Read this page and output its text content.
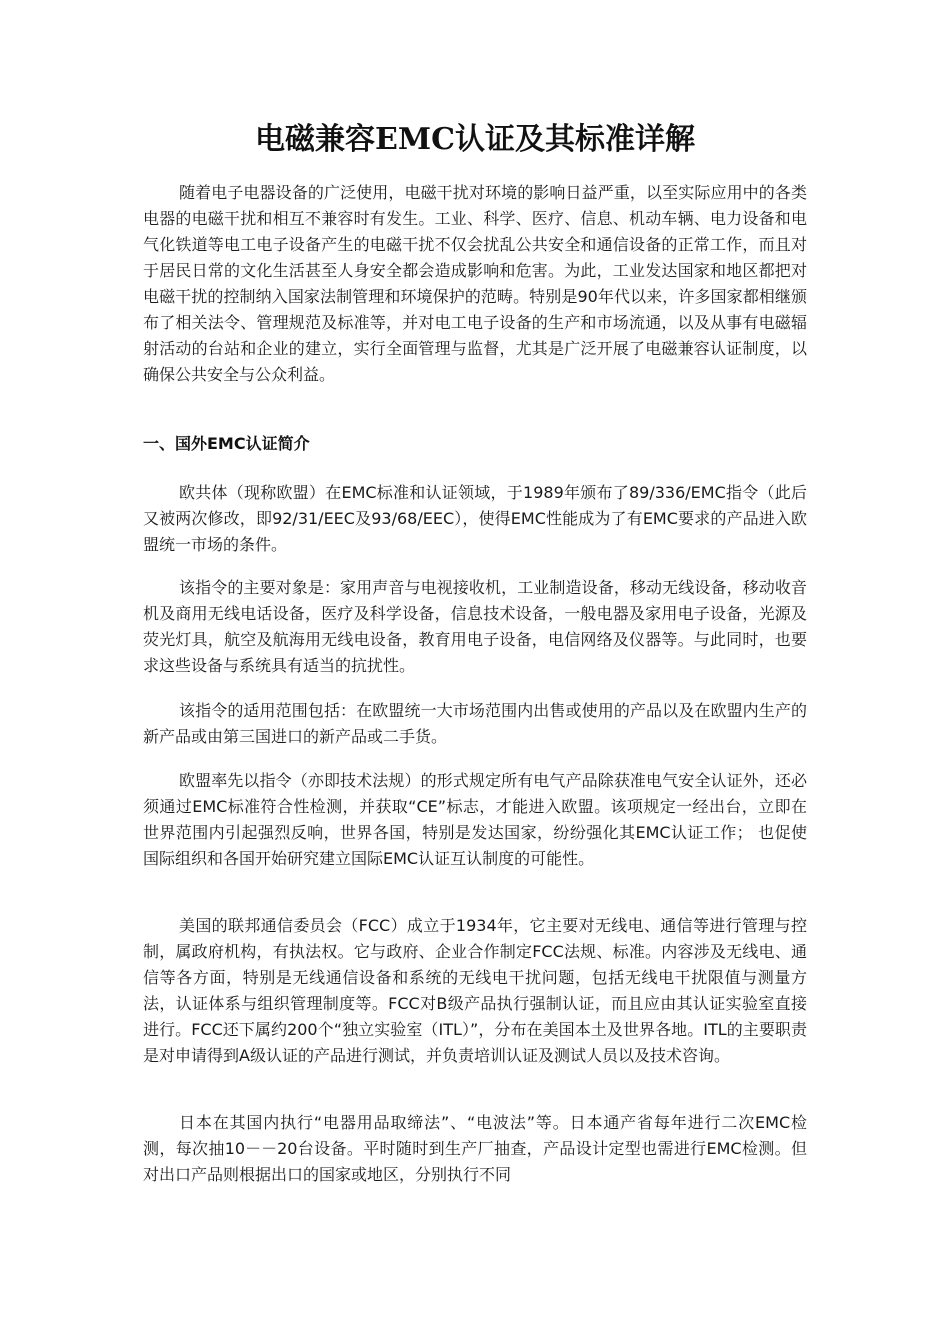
电磁兼容EMC认证及其标准详解

随着电子电器设备的广泛使用，电磁干扰对环境的影响日益严重，以至实际应用中的各类电器的电磁干扰和相互不兼容时有发生。工业、科学、医疗、信息、机动车辆、电力设备和电气化铁道等电工电子设备产生的电磁干扰不仅会扰乱公共安全和通信设备的正常工作，而且对于居民日常的文化生活甚至人身安全都会造成影响和危害。为此，工业发达国家和地区都把对电磁干扰的控制纳入国家法制管理和环境保护的范畴。特别是90年代以来，许多国家都相继颁布了相关法令、管理规范及标准等，并对电工电子设备的生产和市场流通，以及从事有电磁辐射活动的台站和企业的建立，实行全面管理与监督，尤其是广泛开展了电磁兼容认证制度，以确保公共安全与公众利益。

一、国外EMC认证简介

欧共体（现称欧盟）在EMC标准和认证领域，于1989年颁布了89/336/EMC指令（此后又被两次修改，即92/31/EEC及93/68/EEC），使得EMC性能成为了有EMC要求的产品进入欧盟统一市场的条件。

该指令的主要对象是：家用声音与电视接收机，工业制造设备，移动无线设备，移动收音机及商用无线电话设备，医疗及科学设备，信息技术设备，一般电器及家用电子设备，光源及荧光灯具，航空及航海用无线电设备，教育用电子设备，电信网络及仪器等。与此同时，也要求这些设备与系统具有适当的抗扰性。

该指令的适用范围包括：在欧盟统一大市场范围内出售或使用的产品以及在欧盟内生产的新产品或由第三国进口的新产品或二手货。

欧盟率先以指令（亦即技术法规）的形式规定所有电气产品除获准电气安全认证外，还必须通过EMC标准符合性检测，并获取“CE”标志，才能进入欧盟。该项规定一经出台，立即在世界范围内引起强烈反响，世界各国，特别是发达国家，纷纷强化其EMC认证工作； 也促使国际组织和各国开始研究建立国际EMC认证互认制度的可能性。

美国的联邦通信委员会（FCC）成立于1934年，它主要对无线电、通信等进行管理与控制，属政府机构，有执法权。它与政府、企业合作制定FCC法规、标准。内容涉及无线电、通信等各方面，特别是无线通信设备和系统的无线电干扰问题，包括无线电干扰限值与测量方法，认证体系与组织管理制度等。FCC对B级产品执行强制认证，而且应由其认证实验室直接进行。FCC还下属约200个“独立实验室（ITL）”，分布在美国本土及世界各地。ITL的主要职责是对申请得到A级认证的产品进行测试，并负责培训认证及测试人员以及技术咨询。

日本在其国内执行“电器用品取缔法”、“电波法”等。日本通产省每年进行二次EMC检测，每次抽10－－20台设备。平时随时到生产厂抽查，产品设计定型也需进行EMC检测。但对出口产品则根据出口的国家或地区，分别执行不同
